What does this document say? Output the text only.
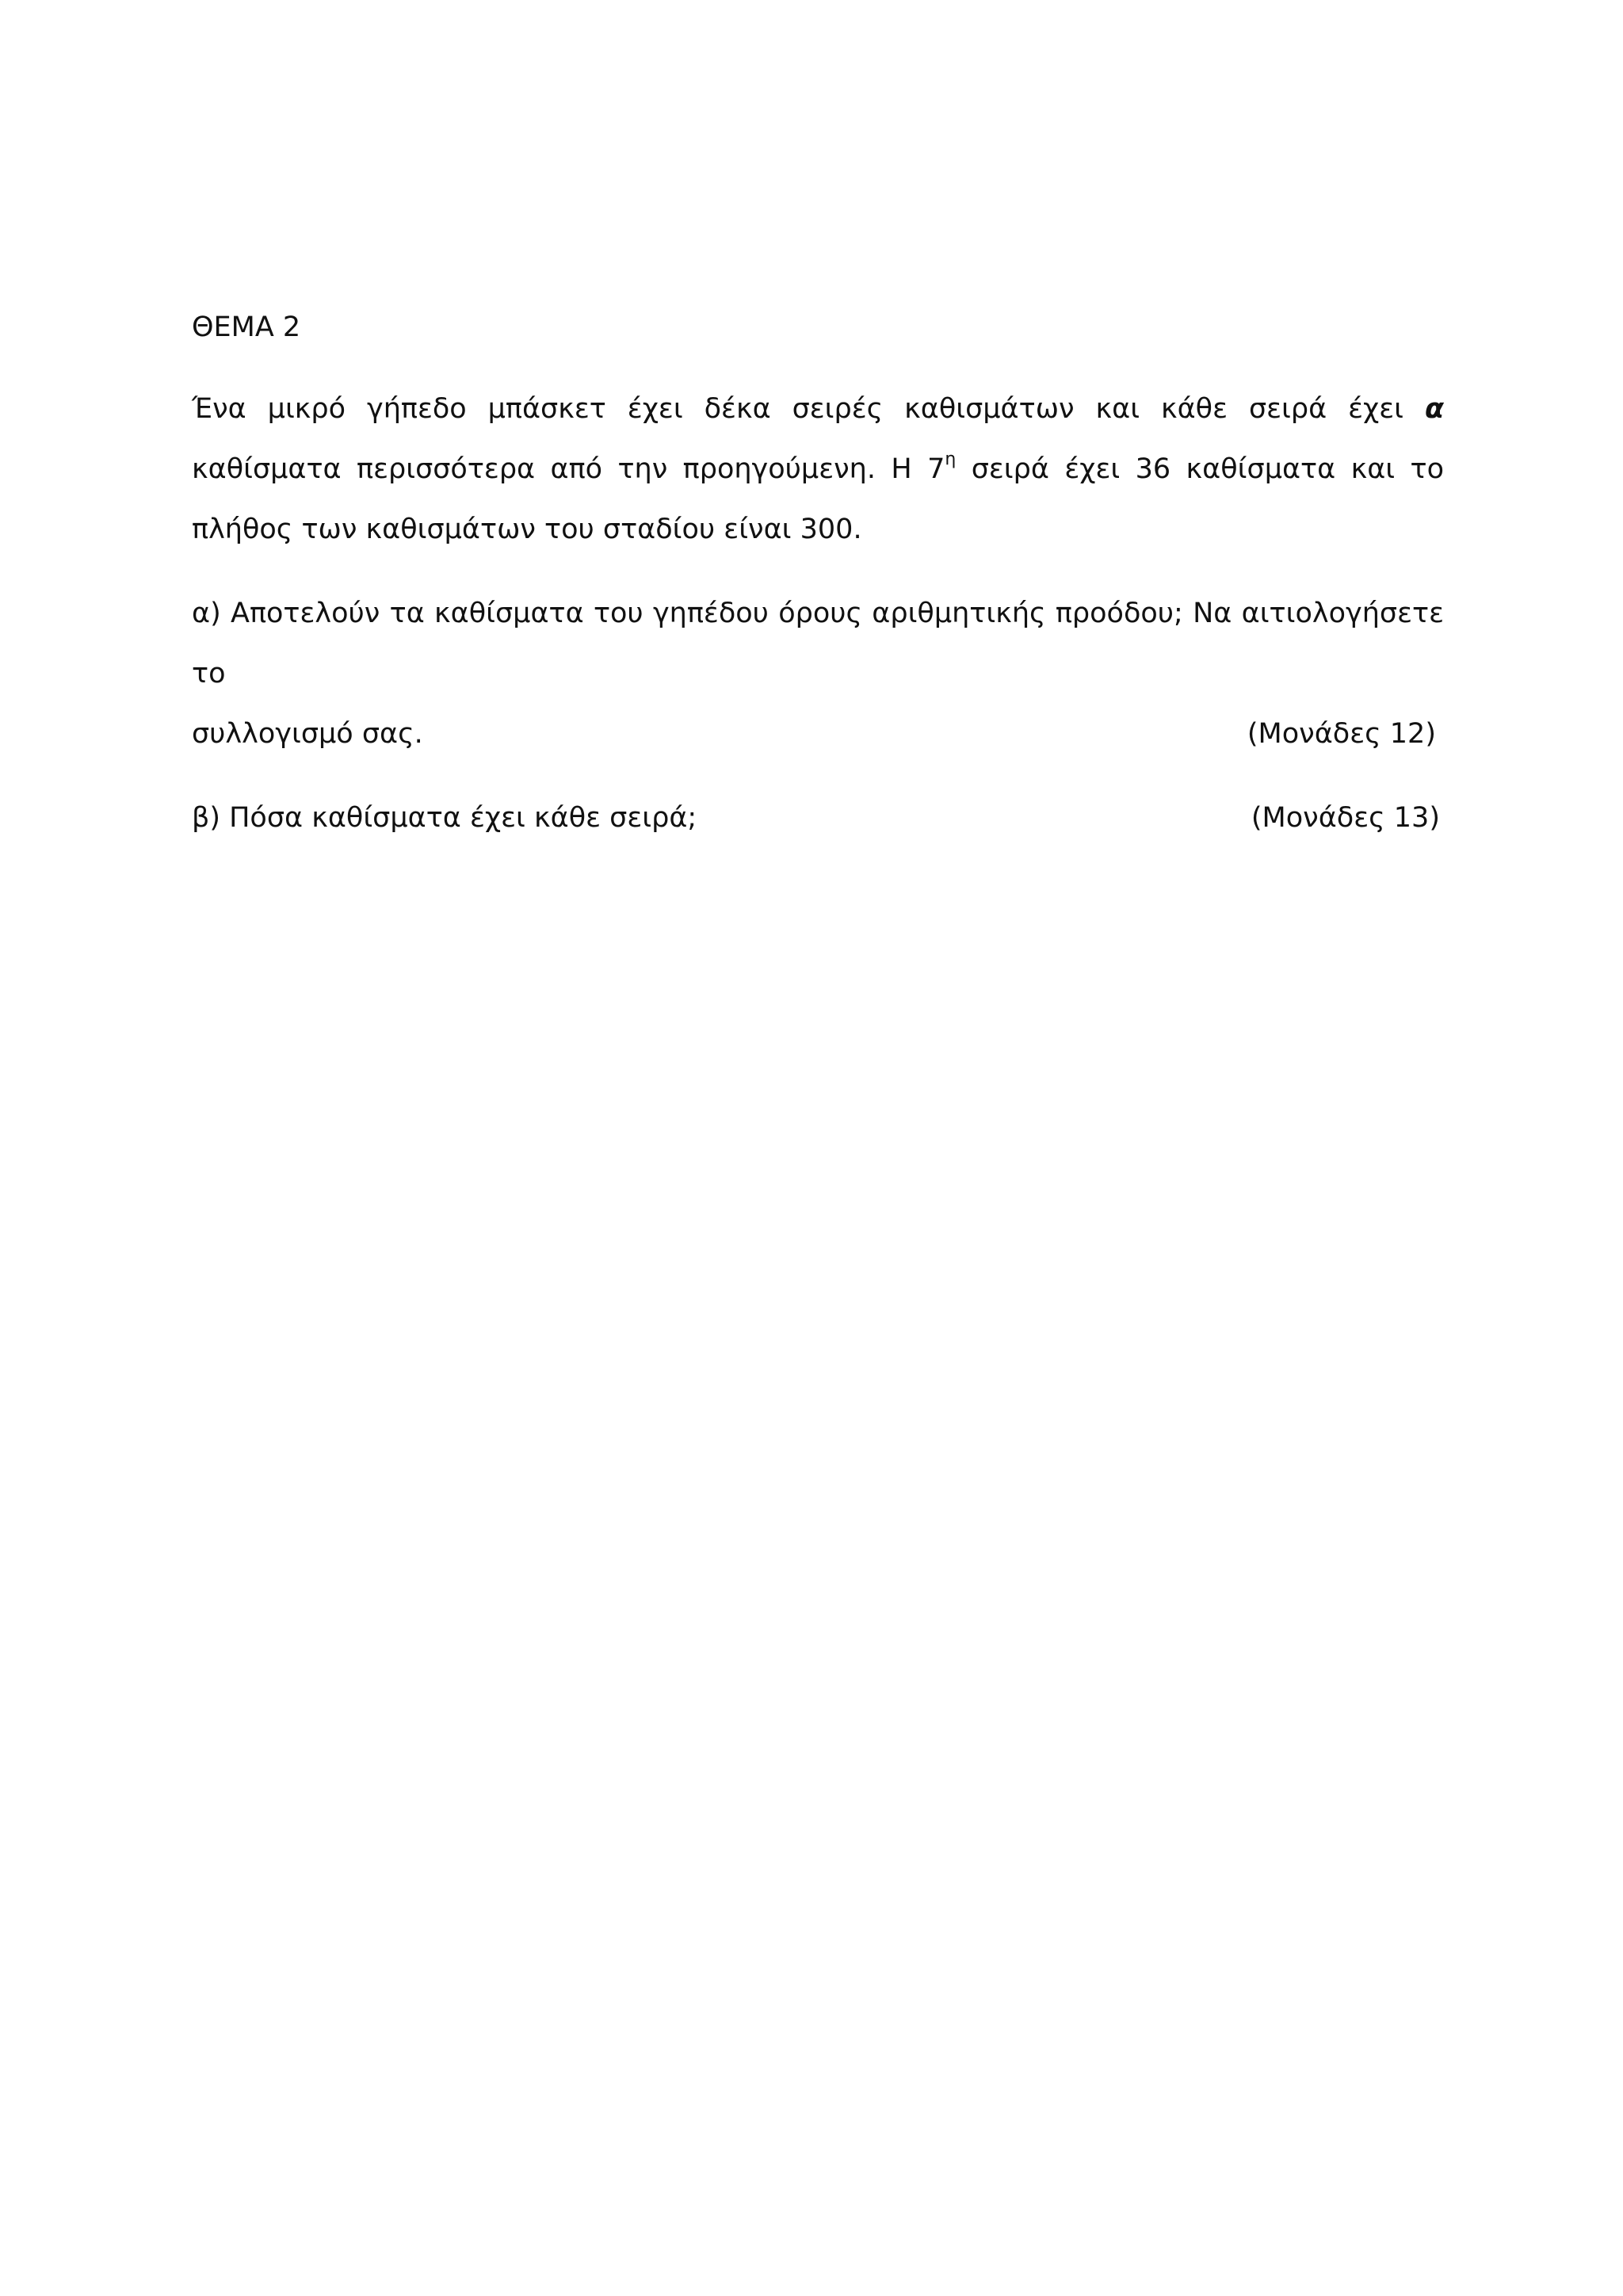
ΘΕΜΑ 2

Ένα μικρό γήπεδο μπάσκετ έχει δέκα σειρές καθισμάτων και κάθε σειρά έχει α καθίσματα περισσότερα από την προηγούμενη. Η $7^\eta$ σειρά έχει 36 καθίσματα και το πλήθος των καθισμάτων του σταδίου είναι 300.

α) Αποτελούν τα καθίσματα του γηπέδου όρους αριθμητικής προόδου; Να αιτιολογήσετε το
συλλογισμό σας.	(Μονάδες 12)
β) Πόσα καθίσματα έχει κάθε σειρά;	(Μονάδες 13)
